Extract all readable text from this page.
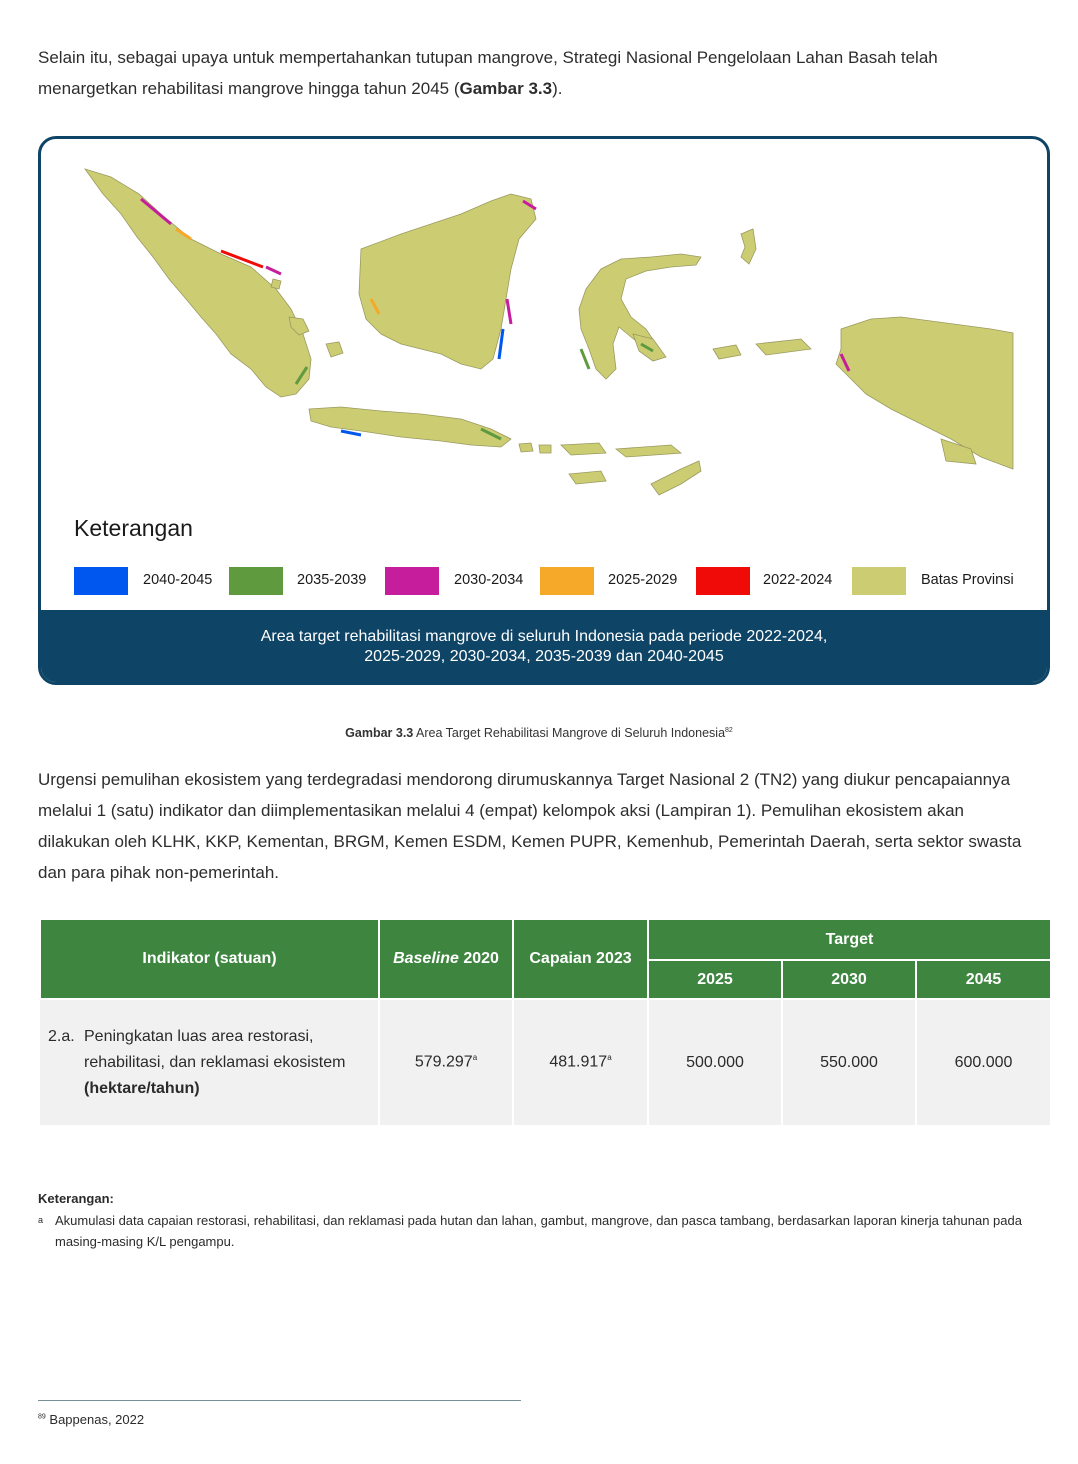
Selain itu, sebagai upaya untuk mempertahankan tutupan mangrove, Strategi Nasional Pengelolaan Lahan Basah telah menargetkan rehabilitasi mangrove hingga tahun 2045 (Gambar 3.3).

Keterangan

2040-2045	2035-2039	2030-2034	2025-2029	2022-2024	Batas Provinsi
Area target rehabilitasi mangrove di seluruh Indonesia pada periode 2022-2024,
2025-2029, 2030-2034, 2035-2039 dan 2040-2045
Gambar 3.3 Area Target Rehabilitasi Mangrove di Seluruh Indonesia$^{82}$

Urgensi pemulihan ekosistem yang terdegradasi mendorong dirumuskannya Target Nasional 2 (TN2) yang diukur pencapaiannya melalui 1 (satu) indikator dan diimplementasikan melalui 4 (empat) kelompok aksi (Lampiran 1). Pemulihan ekosistem akan dilakukan oleh KLHK, KKP, Kementan, BRGM, Kemen ESDM, Kemen PUPR, Kemenhub, Pemerintah Daerah, serta sektor swasta dan para pihak non-pemerintah.

Indikator (satuan)	Baseline 2020	Capaian 2023	Target		
			2025	2030	2045

2.a. Peningkatan luas area restorasi, rehabilitasi, dan reklamasi ekosistem
(hektare/tahun)	579.297$^a$	481.917$^a$	500.000	550.000	600.000

Keterangan:

a Akumulasi data capaian restorasi, rehabilitasi, dan reklamasi pada hutan dan lahan, gambut, mangrove, dan pasca tambang, berdasarkan laporan kinerja tahunan pada masing-masing K/L pengampu.
$^{89}$ Bappenas, 2022
